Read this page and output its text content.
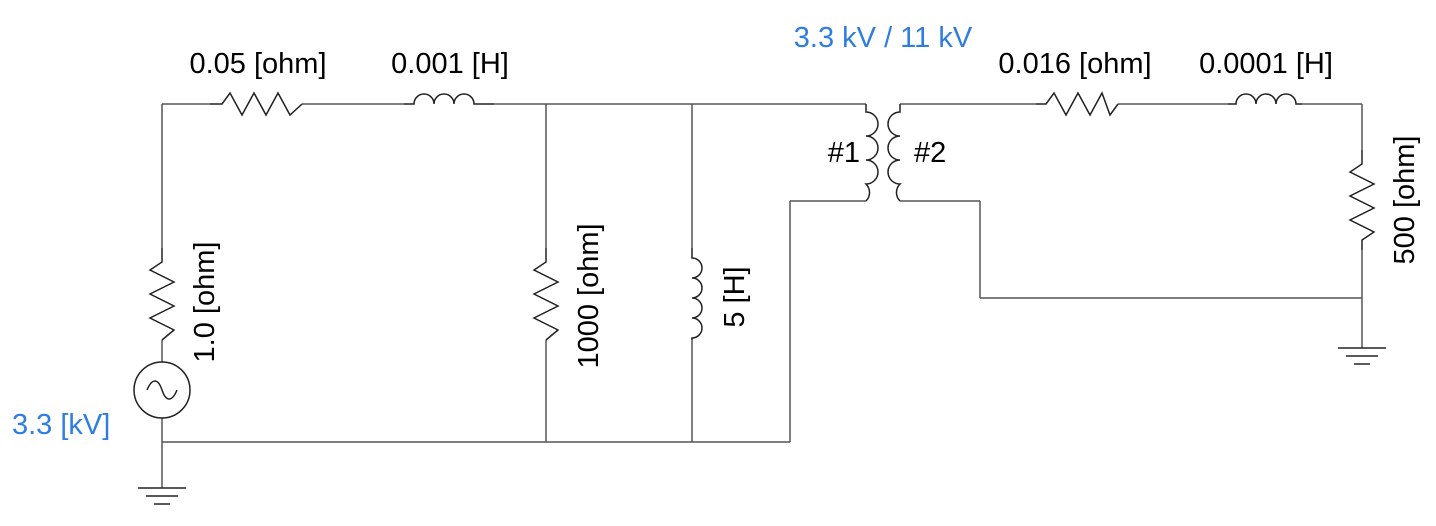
0.05 [ohm] 0.001 [H]
1.0 [ohm]
3.3 [kV]
1000 [ohm]	5 [H]
3.3 kV / 11 kV
#1 #2
0.016 [ohm] 0.0001 [H]
500 [ohm]
